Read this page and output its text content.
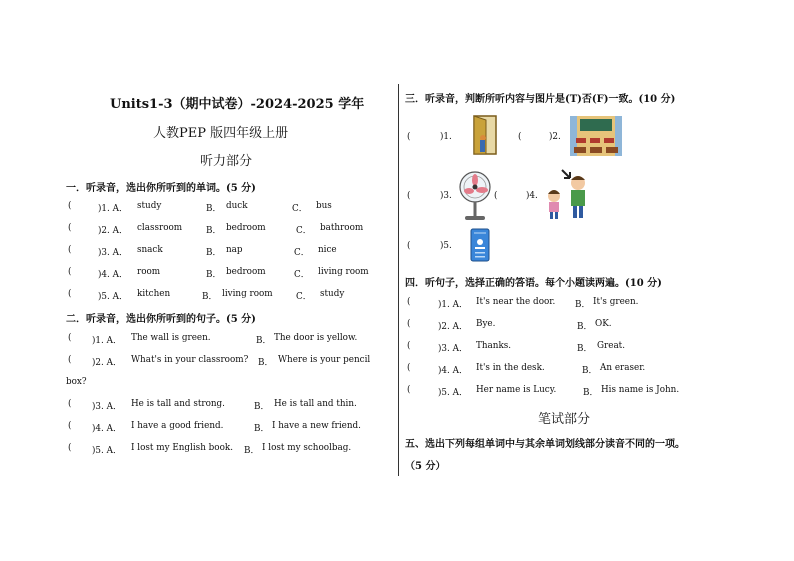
Units1-3（期中试卷）-2024-2025 学年
人教PEP 版四年级上册
听力部分
一．听录音，选出你所听到的单词。(5 分)
(	)1. A． study	B． duck	C． bus
(	)2. A． classroom	B． bedroom	C． bathroom
(	)3. A． snack	B． nap	C． nice
(	)4. A． room	B． bedroom	C． living room
(	)5. A． kitchen	B． living room	C． study
二．听录音，选出你所听到的句子。(5 分)
( )1. A． The wall is green.	B． The door is yellow.
( )2. A． What's in your classroom? B． Where is your pencil
box?
( )3. A． He is tall and strong.	B． He is tall and thin.
( )4. A． I have a good friend.	B． I have a new friend.
( )5. A． I lost my English book. B． I lost my schoolbag.
三．听录音，判断所听内容与图片是(T)否(F)一致。(10 分)
(	)1.	(	)2.
(	)3.	(	)4.
(	)5.
四．听句子，选择正确的答语。每个小题读两遍。(10 分)
(	)1. A． It's near the door. B． It's green.
(	)2. A． Bye.	B． OK.
(	)3. A． Thanks.	B． Great.
(	)4. A． It's in the desk.	B． An eraser.
(	)5. A． Her name is Lucy.	B． His name is John.
笔试部分
五、选出下列每组单词中与其余单词划线部分读音不同的一项。
（5 分）
